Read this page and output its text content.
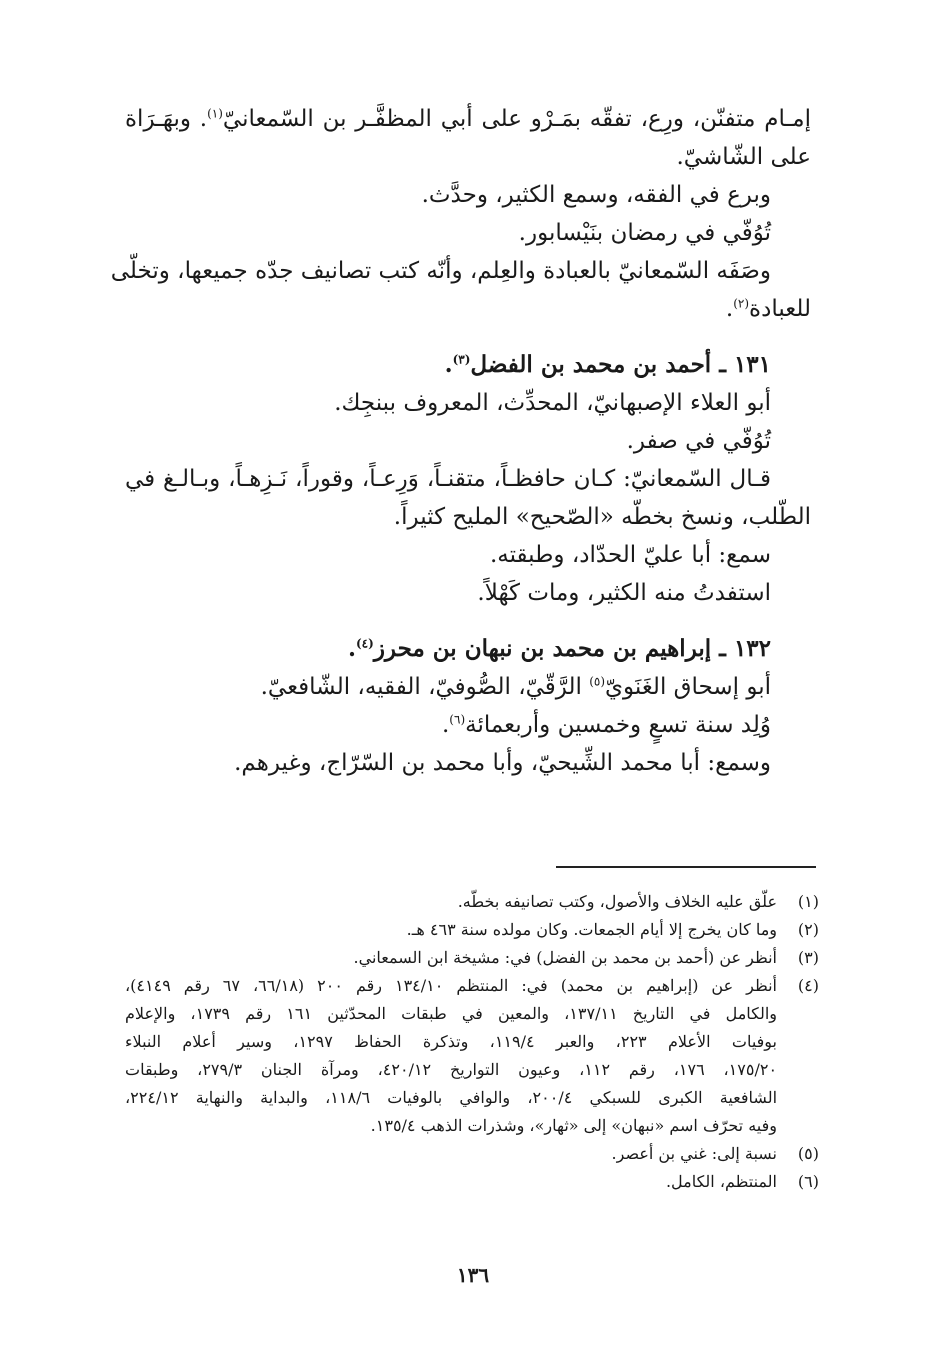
إمـام متفنّن، ورِع، تفقّه بمَـرْو على أبي المظفَّـر بن السّمعانيّ$^{(١)}$. وبهَـرَاة
على الشّاشيّ.
وبرع في الفقه، وسمع الكثير، وحدَّث.
تُوُفّي في رمضان بنَيْسابور.
وصَفَه السّمعانيّ بالعبادة والعِلم، وأنّه كتب تصانيف جدّه جميعها، وتخلّى
للعبادة$^{(٢)}$.
١٣١ ـ أحمد بن محمد بن الفضل$^{(٣)}$.
أبو العلاء الإصبهانيّ، المحدِّث، المعروف ببنجِك.
تُوُفّي في صفر.
قـال السّمعانيّ: كـان حافظـاً، متقنـاً، وَرِعـاً، وقوراً، نَـزِهـاً، وبـالـغ في
الطّلب، ونسخ بخطّه «الصّحيح» المليح كثيراً.
سمع: أبا عليّ الحدّاد، وطبقته.
استفدتُ منه الكثير، ومات كَهْلاً.
١٣٢ ـ إبراهيم بن محمد بن نبهان بن محرز$^{(٤)}$.
أبو إسحاق الغَنَويّ$^{(٥)}$ الرَّقّيّ، الصُّوفيّ، الفقيه، الشّافعيّ.
وُلِد سنة تسعٍ وخمسين وأربعمائة$^{(٦)}$.
وسمع: أبا محمد الشِّيحيّ، وأبا محمد بن السّرّاج، وغيرهم.
(١)
علّق عليه الخلاف والأصول، وكتب تصانيفه بخطّه.
(٢)
وما كان يخرج إلا أيام الجمعات. وكان مولده سنة ٤٦٣ هـ.
(٣)
أنظر عن (أحمد بن محمد بن الفضل) في: مشيخة ابن السمعاني.
(٤)
أنظر عن (إبراهيم بن محمد) في: المنتظم ١٣٤/١٠ رقم ٢٠٠ (٦٦/١٨، ٦٧ رقم ٤١٤٩)،
والكامل في التاريخ ١٣٧/١١، والمعين في طبقات المحدّثين ١٦١ رقم ١٧٣٩، والإعلام
بوفيات الأعلام ٢٢٣، والعبر ١١٩/٤، وتذكرة الحفاظ ١٢٩٧، وسير أعلام النبلاء
١٧٥/٢٠، ١٧٦، رقم ١١٢، وعيون التواريخ ٤٢٠/١٢، ومرآة الجنان ٢٧٩/٣، وطبقات
الشافعية الكبرى للسبكي ٢٠٠/٤، والوافي بالوفيات ١١٨/٦، والبداية والنهاية ٢٢٤/١٢،
وفيه تحرّف اسم «نبهان» إلى «ثهار»، وشذرات الذهب ١٣٥/٤.
(٥)
نسبة إلى: غني بن أعصر.
(٦)
المنتظم، الكامل.
١٣٦
